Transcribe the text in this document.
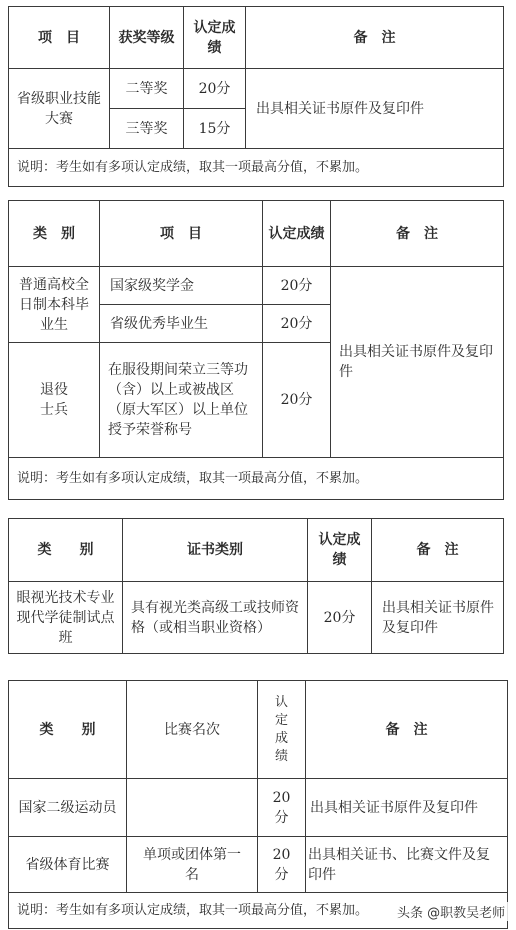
项　目	获奖等级	认定成绩	备　注
省级职业技能大赛	二等奖	20分	出具相关证书原件及复印件
	三等奖	15分	
说明：考生如有多项认定成绩，取其一项最高分值，不累加。			
类　别	项　目	认定成绩	备　注
普通高校全日制本科毕业生	国家级奖学金	20分	出具相关证书原件及复印件
	省级优秀毕业生	20分	
退役士兵	在服役期间荣立三等功（含）以上或被战区（原大军区）以上单位授予荣誉称号	20分	
说明：考生如有多项认定成绩，取其一项最高分值，不累加。			
类　　别	证书类别	认定成绩	备　注
眼视光技术专业现代学徒制试点班	具有视光类高级工或技师资格（或相当职业资格）	20分	出具相关证书原件及复印件
类　　别	比赛名次	认定成绩	备　注
国家二级运动员		20分	出具相关证书原件及复印件
省级体育比赛	单项或团体第一名	20分	出具相关证书、比赛文件及复印件
说明：考生如有多项认定成绩，取其一项最高分值，不累加。			头条 @职教吴老师
